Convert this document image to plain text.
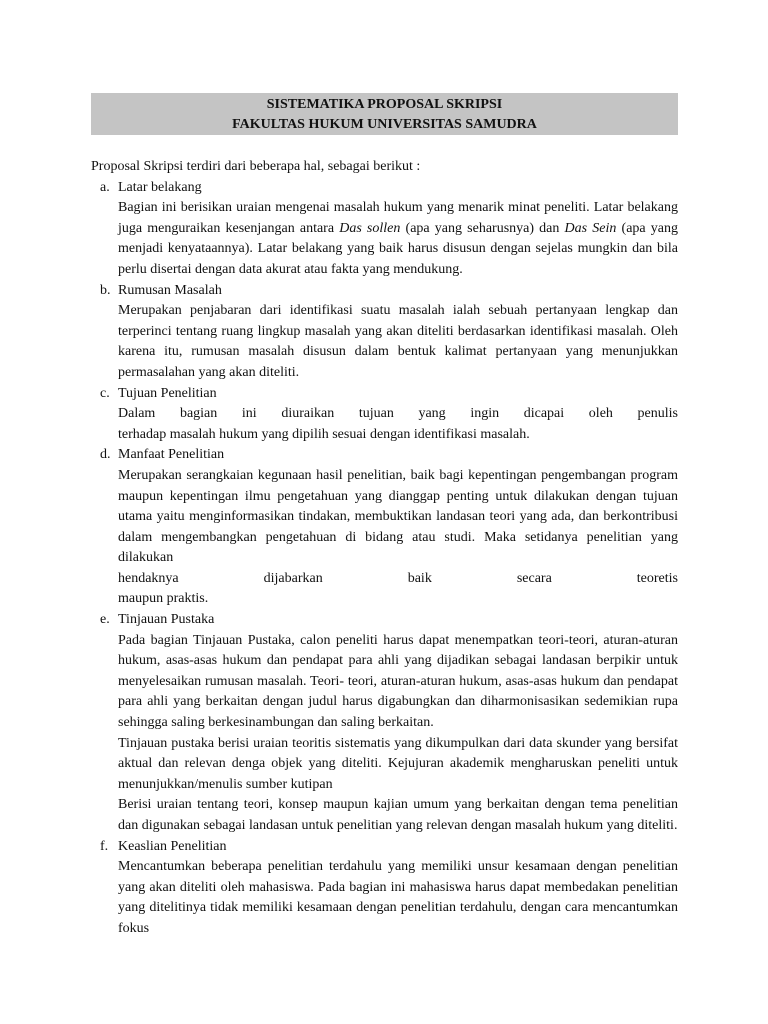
SISTEMATIKA PROPOSAL SKRIPSI
FAKULTAS HUKUM UNIVERSITAS SAMUDRA

Proposal Skripsi terdiri dari beberapa hal, sebagai berikut :

a. Latar belakang

Bagian ini berisikan uraian mengenai masalah hukum yang menarik minat peneliti. Latar belakang juga menguraikan kesenjangan antara Das sollen (apa yang seharusnya) dan Das Sein (apa yang menjadi kenyataannya). Latar belakang yang baik harus disusun dengan sejelas mungkin dan bila perlu disertai dengan data akurat atau fakta yang mendukung.

b. Rumusan Masalah

Merupakan penjabaran dari identifikasi suatu masalah ialah sebuah pertanyaan lengkap dan terperinci tentang ruang lingkup masalah yang akan diteliti berdasarkan identifikasi masalah. Oleh karena itu, rumusan masalah disusun dalam bentuk kalimat pertanyaan yang menunjukkan permasalahan yang akan diteliti.

c. Tujuan Penelitian

Dalam bagian ini diuraikan tujuan yang ingin dicapai oleh penulis

terhadap masalah hukum yang dipilih sesuai dengan identifikasi masalah.

d. Manfaat Penelitian

Merupakan serangkaian kegunaan hasil penelitian, baik bagi kepentingan pengembangan program maupun kepentingan ilmu pengetahuan yang dianggap penting untuk dilakukan dengan tujuan utama yaitu menginformasikan tindakan, membuktikan landasan teori yang ada, dan berkontribusi dalam mengembangkan pengetahuan di bidang atau studi. Maka setidanya penelitian yang dilakukan

hendaknya dijabarkan baik secara teoretis

maupun praktis.

e. Tinjauan Pustaka

Pada bagian Tinjauan Pustaka, calon peneliti harus dapat menempatkan teori-teori, aturan-aturan hukum, asas-asas hukum dan pendapat para ahli yang dijadikan sebagai landasan berpikir untuk menyelesaikan rumusan masalah. Teori- teori, aturan-aturan hukum, asas-asas hukum dan pendapat para ahli yang berkaitan dengan judul harus digabungkan dan diharmonisasikan sedemikian rupa sehingga saling berkesinambungan dan saling berkaitan.

Tinjauan pustaka berisi uraian teoritis sistematis yang dikumpulkan dari data skunder yang bersifat aktual dan relevan denga objek yang diteliti. Kejujuran akademik mengharuskan peneliti untuk menunjukkan/menulis sumber kutipan

Berisi uraian tentang teori, konsep maupun kajian umum yang berkaitan dengan tema penelitian dan digunakan sebagai landasan untuk penelitian yang relevan dengan masalah hukum yang diteliti.

f. Keaslian Penelitian

Mencantumkan beberapa penelitian terdahulu yang memiliki unsur kesamaan dengan penelitian yang akan diteliti oleh mahasiswa. Pada bagian ini mahasiswa harus dapat membedakan penelitian yang ditelitinya tidak memiliki kesamaan dengan penelitian terdahulu, dengan cara mencantumkan fokus
